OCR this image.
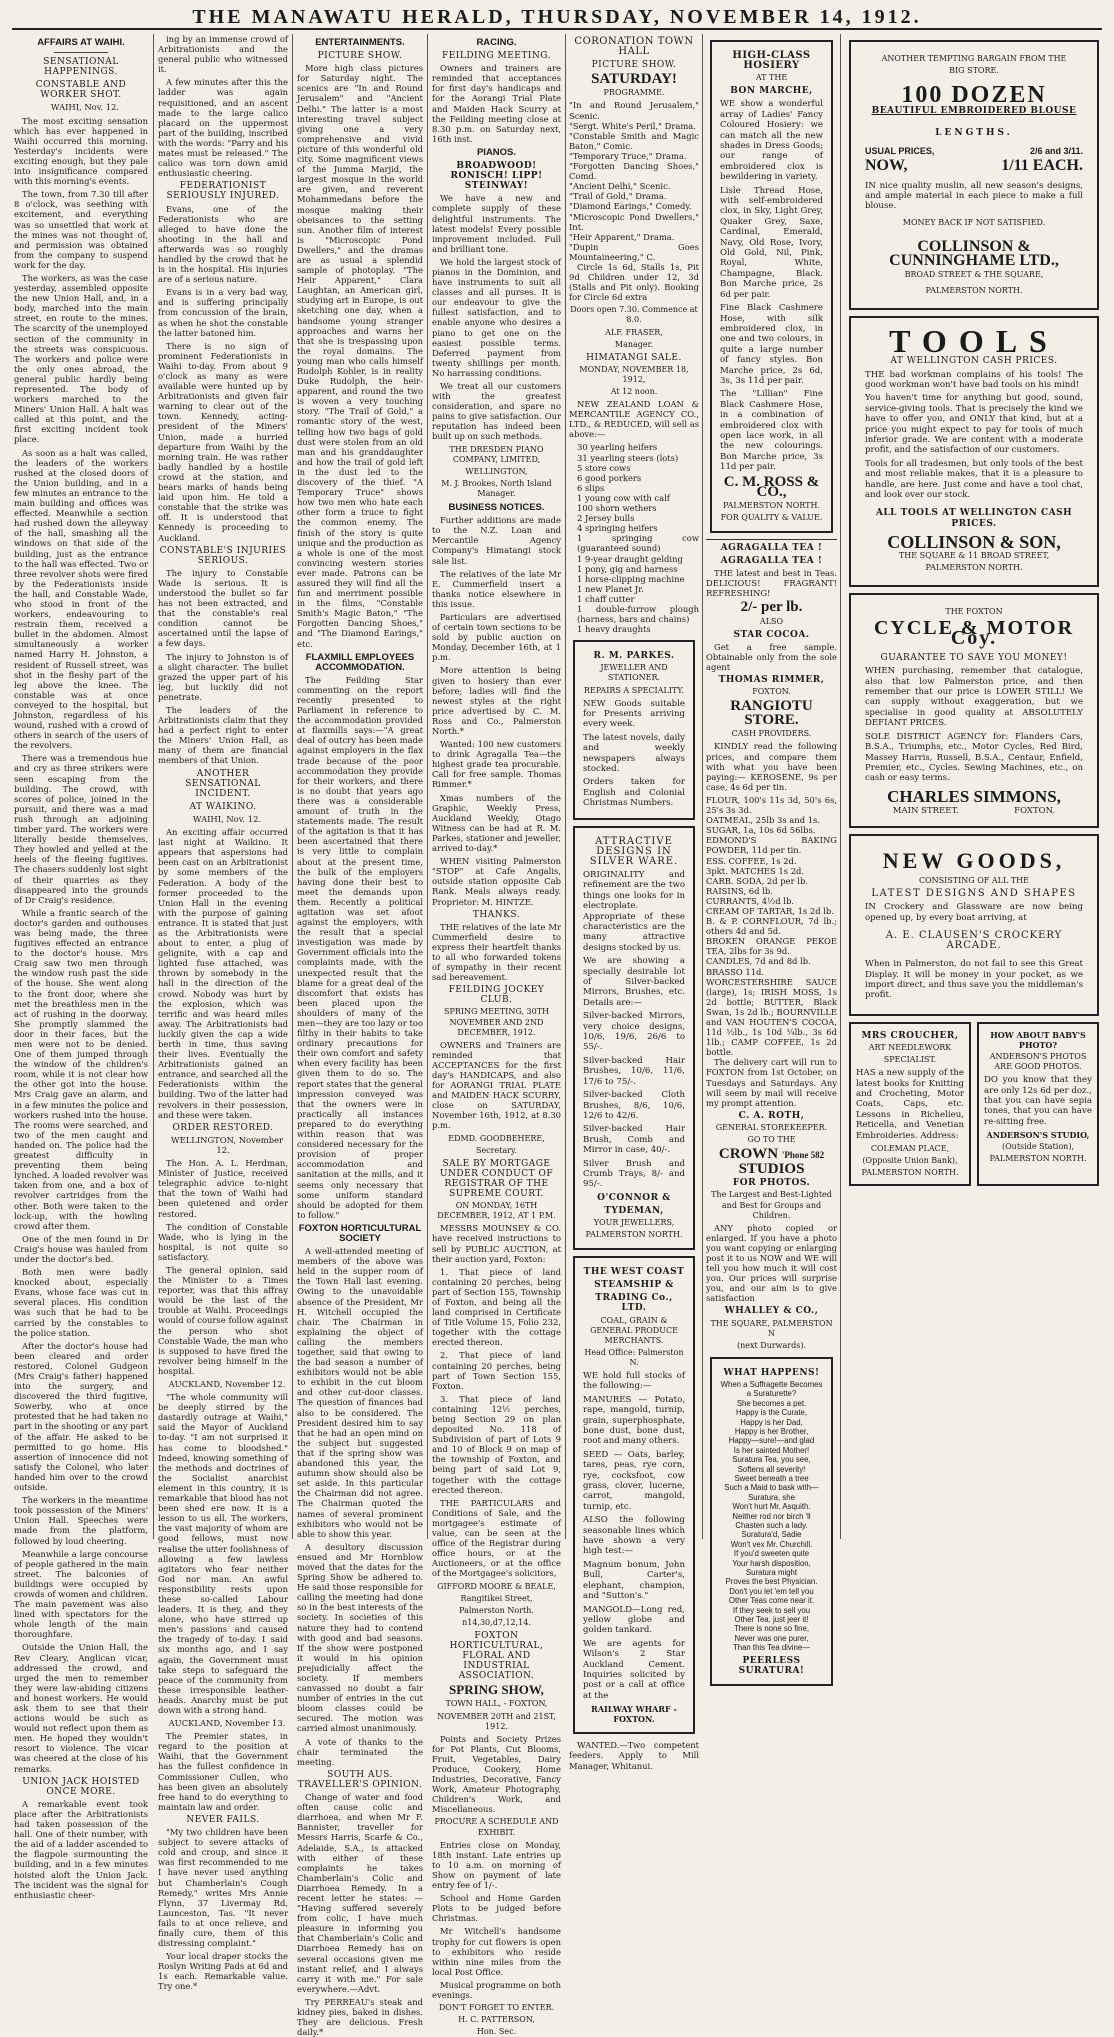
THE MANAWATU HERALD, THURSDAY, NOVEMBER 14, 1912.
AFFAIRS AT WAIHI.
SENSATIONAL HAPPENINGS.
CONSTABLE AND WORKER SHOT.

WAIHI, Nov. 12.

The most exciting sensation which has ever happened in Waihi occurred this morning. Yesterday's incidents were exciting enough, but they pale into insignificance compared with this morning's events.

The town, from 7.30 till after 8 o'clock, was seething with excitement, and everything was so unsettled that work at the mines was not thought of, and permission was obtained from the company to suspend work for the day.

The workers, as was the case yesterday, assembled opposite the new Union Hall, and, in a body, marched into the main street, en route to the mines. The scarcity of the unemployed section of the community in the streets was conspicuous. The workers and police were the only ones abroad, the general public hardly being represented. The body of workers marched to the Miners' Union Hall. A halt was called at this point, and the first exciting incident took place.

As soon as a halt was called, the leaders of the workers rushed at the closed doors of the Union building, and in a few minutes an entrance to the main building and offices was effected. Meanwhile a section had rushed down the alleyway of the hall, smashing all the windows on that side of the building, just as the entrance to the hall was effected. Two or three revolver shots were fired by the Federationists inside the hall, and Constable Wade, who stood in front of the workers, endeavouring to restrain them, received a bullet in the abdomen. Almost simultaneously a worker named Harry H. Johnston, a resident of Russell street, was shot in the fleshy part of the leg above the knee. The constable was at once conveyed to the hospital, but Johnston, regardless of his wound, rushed with a crowd of others in search of the users of the revolvers.

There was a tremendous hue and cry as three strikers were seen escaping from the building. The crowd, with scores of police, joined in the pursuit, and there was a mad rush through an adjoining timber yard. The workers were literally beside themselves. They howled and yelled at the heels of the fleeing fugitives. The chasers suddenly lost sight of their quarries as they disappeared into the grounds of Dr Craig's residence.

While a frantic search of the doctor's garden and outhouses was being made, the three fugitives effected an entrance to the doctor's house. Mrs Craig saw two men through the window rush past the side of the house. She went along to the front door, where she met the breathless men in the act of rushing in the doorway. She promptly slammed the door in their faces, but the men were not to be denied. One of them jumped through the window of the children's room, while it is not clear how the other got into the house. Mrs Craig gave an alarm, and in a few minutes the police and workers rushed into the house. The rooms were searched, and two of the men caught and handed on. The police had the greatest difficulty in preventing them being lynched. A loaded revolver was taken from one, and a box of revolver cartridges from the other. Both were taken to the lock-up, with the howling crowd after them.

One of the men found in Dr Craig's house was hauled from under the doctor's bed.

Both men were badly knocked about, especially Evans, whose face was cut in several places. His condition was such that he had to be carried by the constables to the police station.

After the doctor's house had been cleared and order restored, Colonel Gudgeon (Mrs Craig's father) happened into the surgery, and discovered the third fugitive, Sowerby, who at once protested that he had taken no part in the shooting or any part of the affair. He asked to be permitted to go home. His assertion of innocence did not satisfy the Colonel, who later handed him over to the crowd outside.

The workers in the meantime took possession of the Miners' Union Hall. Speeches were made from the platform, followed by loud cheering.

Meanwhile a large concourse of people gathered in the main street. The balconies of buildings were occupied by crowds of women and children. The main pavement was also lined with spectators for the whole length of the main thoroughfare.

Outside the Union Hall, the Rev Cleary, Anglican vicar, addressed the crowd, and urged the men to remember they were law-abiding citizens and honest workers. He would ask them to see that their actions would be such as would not reflect upon them as men. He hoped they wouldn't resort to violence. The vicar was cheered at the close of his remarks.

UNION JACK HOISTED ONCE MORE.

A remarkable event took place after the Arbitrationists had taken possession of the hall. One of their number, with the aid of a ladder ascended to the flagpole surmounting the building, and in a few minutes hoisted aloft the Union Jack. The incident was the signal for enthusiastic cheer-

ing by an immense crowd of Arbitrationists and the general public who witnessed it.

A few minutes after this the ladder was again requisitioned, and an ascent made to the large calico placard on the uppermost part of the building, inscribed with the words: "Parry and his mates must be released." The calico was torn down amid enthusiastic cheering.

FEDERATIONIST SERIOUSLY INJURED.

Evans, one of the Federationists who are alleged to have done the shooting in the hall and afterwards was so roughly handled by the crowd that he is in the hospital. His injuries are of a serious nature.

Evans is in a very bad way, and is suffering principally from concussion of the brain, as when he shot the constable the latter batoned him.

There is no sign of prominent Federationists in Waihi to-day. From about 9 o'clock as many as were available were hunted up by Arbitrationists and given fair warning to clear out of the town. Kennedy, acting-president of the Miners' Union, made a hurried departure from Waihi by the morning train. He was rather badly handled by a hostile crowd at the station, and bears marks of hands being laid upon him. He told a constable that the strike was off. It is understood that Kennedy is proceeding to Auckland.

CONSTABLE'S INJURIES SERIOUS.

The injury to Constable Wade is serious. It is understood the bullet so far has not been extracted, and that the constable's real condition cannot be ascertained until the lapse of a few days.

The injury to Johnston is of a slight character. The bullet grazed the upper part of his leg, but luckily did not penetrate.

The leaders of the Arbitrationists claim that they had a perfect right to enter the Miners' Union Hall, as many of them are financial members of that Union.

ANOTHER SENSATIONAL INCIDENT.
AT WAIKINO.

WAIHI, Nov. 12.

An exciting affair occurred last night at Waikino. It appears that aspersions had been cast on an Arbitrationist by some members of the Federation. A body of the former proceeded to the Union Hall in the evening with the purpose of gaining entrance. It is stated that just as the Arbitrationists were about to enter, a plug of gelignite, with a cap and lighted fuse attached, was thrown by somebody in the hall in the direction of the crowd. Nobody was hurt by the explosion, which was terrific and was heard miles away. The Arbitrationists had luckily given the cap a wide berth in time, thus saving their lives. Eventually the Arbitrationists gained an entrance, and searched all the Federationists within the building. Two of the latter had revolvers in their possession, and these were taken.

ORDER RESTORED.

WELLINGTON, November 12.

The Hon. A. L. Herdman, Minister of Justice, received telegraphic advice to-night that the town of Waihi had been quietened and order restored.

The condition of Constable Wade, who is lying in the hospital, is not quite so satisfactory.

The general opinion, said the Minister to a Times reporter, was that this affray would be the last of the trouble at Waihi. Proceedings would of course follow against the person who shot Constable Wade, the man who is supposed to have fired the revolver being himself in the hospital.

AUCKLAND, November 12.

"The whole community will be deeply stirred by the dastardly outrage at Waihi," said the Mayor of Auckland to-day. "I am not surprised it has come to bloodshed." Indeed, knowing something of the methods and doctrines of the Socialist anarchist element in this country, it is remarkable that blood has not been shed ere now. It is a lesson to us all. The workers, the vast majority of whom are good fellows, must now realise the utter foolishness of allowing a few lawless agitators who fear neither God nor man. An awful responsibility rests upon these so-called Labour leaders. It is they, and they alone, who have stirred up men's passions and caused the tragedy of to-day. I said six months ago, and I say again, the Government must take steps to safeguard the peace of the community from these irresponsible leather-heads. Anarchy must be put down with a strong hand.

AUCKLAND, November 13.

The Premier states, in regard to the position at Waihi, that the Government has the fullest confidence in Commissioner Cullen, who has been given an absolutely free hand to do everything to maintain law and order.

NEVER FAILS.

"My two children have been subject to severe attacks of cold and croup, and since it was first recommended to me I have never used anything but Chamberlain's Cough Remedy," writes Mrs Annie Flynn, 37 Livermay Rd, Launceston, Tas. "It never fails to at once relieve, and finally cure, them of this distressing complaint."

Your local draper stocks the Roslyn Writing Pads at 6d and 1s each. Remarkable value. Try one.*

ENTERTAINMENTS.
PICTURE SHOW.

More high class pictures for Saturday night. The scenics are "In and Round Jerusalem" and "Ancient Delhi." The latter is a most interesting travel subject giving one a very comprehensive and vivid picture of this wonderful old city. Some magnificent views of the Jumma Marjid, the largest mosque in the world are given, and reverent Mohammedans before the mosque making their obeisances to the setting sun. Another film of interest is "Microscopic Pond Dwellers," and the dramas are as usual a splendid sample of photoplay. "The Heir Apparent," Clara Laughtan, an American girl, studying art in Europe, is out sketching one day, when a handsome young stranger approaches and warns her that she is trespassing upon the royal domains. The young man who calls himself Rudolph Kohler, is in reality Duke Rudolph, the heir-apparent, and round the two is woven a very touching story. "The Trail of Gold," a romantic story of the west, telling how two bags of gold dust were stolen from an old man and his granddaughter and how the trail of gold left in the dust led to the discovery of the thief. "A Temporary Truce" shows how two men who hate each other form a truce to fight the common enemy. The finish of the story is quite unique and the production as a whole is one of the most convincing western stories ever made. Patrons can be assured they will find all the fun and merriment possible in the films, "Constable Smith's Magic Baton," "The Forgotten Dancing Shoes," and "The Diamond Earings," etc.

FLAXMILL EMPLOYEES ACCOMMODATION.

The Feilding Star commenting on the report recently presented to Parliament in reference to the accommodation provided at flaxmills says:—"A great deal of outcry has been made against employers in the flax trade because of the poor accommodation they provide for their workers, and there is no doubt that years ago there was a considerable amount of truth in the statements made. The result of the agitation is that it has been ascertained that there is very little to complain about at the present time, the bulk of the employers having done their best to meet the demands upon them. Recently a political agitation was set afoot against the employers, with the result that a special investigation was made by Government officials into the complaints made, with the unexpected result that the blame for a great deal of the discomfort that exists has been placed upon the shoulders of many of the men—they are too lazy or too filthy in their habits to take ordinary precautions for their own comfort and safety when every facility has been given them to do so. The report states that the general impression conveyed was that the owners were in practically all instances prepared to do everything within reason that was considered necessary for the provision of proper accommodation and sanitation at the mills, and it seems only necessary that some uniform standard should be adopted for them to follow."

FOXTON HORTICULTURAL SOCIETY

A well-attended meeting of members of the above was held in the supper room of the Town Hall last evening. Owing to the unavoidable absence of the President, Mr H. Witchell occupied the chair. The Chairman in explaining the object of calling the members together, said that owing to the bad season a number of exhibitors would not be able to exhibit in the cut bloom and other cut-door classes. The question of finances had also to be considered. The President desired him to say that he had an open mind on the subject but suggested that if the spring show was abandoned this year, the autumn show should also be set aside. In this particular the Chairman did not agree. The Chairman quoted the names of several prominent exhibitors who would not be able to show this year.

A desultory discussion ensued and Mr Hornblow moved that the dates for the Spring Show be adhered to. He said those responsible for calling the meeting had done so in the best interests of the society. In societies of this nature they had to contend with good and bad seasons. If the show were postponed it would in his opinion prejudicially affect the society. If members canvassed no doubt a fair number of entries in the cut bloom classes could be secured. The motion was carried almost unanimously.

A vote of thanks to the chair terminated the meeting.

SOUTH AUS. TRAVELLER'S OPINION.

Change of water and food often cause colic and diarrhoea, and when Mr F. Bannister, traveller for Messrs Harris, Scarfe & Co., Adelaide, S.A., is attacked with either of these complaints he takes Chamberlain's Colic and Diarrhoea Remedy. In a recent letter he states: — "Having suffered severely from colic, I have much pleasure in informing you that Chamberlain's Colic and Diarrhoea Remedy has on several occasions given me instant relief, and I always carry it with me." For sale everywhere.—Advt.

Try PERREAU's steak and kidney pies, baked in dishes. They are delicious. Fresh daily.*

RACING.
FEILDING MEETING.

Owners and trainers are reminded that acceptances for first day's handicaps and for the Aorangi Trial Plate and Maiden Hack Scurry at the Feilding meeting close at 8.30 p.m. on Saturday next, 16th inst.

PIANOS.
BROADWOOD! RONISCH! LIPP! STEINWAY!

We have a new and complete supply of these delightful instruments. The latest models! Every possible improvement included. Full and brilliant tone.

We hold the largest stock of pianos in the Dominion, and have instruments to suit all classes and all purses. It is our endeavour to give the fullest satisfaction, and to enable anyone who desires a piano to get one on the easiest possible terms. Deferred payment from twenty shillings per month. No harrassing conditions.

We treat all our customers with the greatest consideration, and spare no pains to give satisfaction. Our reputation has indeed been built up on such methods.

THE DRESDEN PIANO COMPANY, LIMITED,
WELLINGTON,
M. J. Brookes, North Island Manager.
BUSINESS NOTICES.

Further additions are made to the N.Z. Loan and Mercantile Agency Company's Himatangi stock sale list.

The relatives of the late Mr E. Cummerfield insert a thanks notice elsewhere in this issue.

Particulars are advertised of certain town sections to be sold by public auction on Monday, December 16th, at 1 p.m.

More attention is being given to hosiery than ever before; ladies will find the newest styles at the right price advertised by C. M. Ross and Co., Palmerston North.*

Wanted: 100 new customers to drink Agragalla Tea—the highest grade tea procurable. Call for free sample. Thomas Rimmer.*

Xmas numbers of the Graphic, Weekly Press, Auckland Weekly, Otago Witness can be had at R. M. Parkes, stationer and jeweller, arrived to-day.*

WHEN visiting Palmerston "STOP" at Cafe Angalis, outside station opposite Cab Rank. Meals always ready. Proprietor: M. HINTZE.

THANKS.

THE relatives of the late Mr Cummerfield desire to express their heartfelt thanks to all who forwarded tokens of sympathy in their recent sad bereavement.

FEILDING JOCKEY CLUB.
SPRING MEETING, 30TH NOVEMBER AND 2ND DECEMBER, 1912.

OWNERS and Trainers are reminded that ACCEPTANCES for the first day's HANDICAPS, and also for AORANGI TRIAL PLATE and MAIDEN HACK SCURRY, close on SATURDAY, November 16th, 1912, at 8.30 p.m.

EDMD. GOODBEHERE,
Secretary.
SALE BY MORTGAGE UNDER CONDUCT OF REGISTRAR OF THE SUPREME COURT.
ON MONDAY, 16TH DECEMBER, 1912, AT 1 P.M.

MESSRS MOUNSEY & CO. have received instructions to sell by PUBLIC AUCTION, at their auction yard, Foxton:

1. That piece of land containing 20 perches, being part of Section 155, Township of Foxton, and being all the land comprised in Certificate of Title Volume 15, Folio 232, together with the cottage erected thereon.

2. That piece of land containing 20 perches, being part of Town Section 155, Foxton.

3. That piece of land containing 12½ perches, being Section 29 on plan deposited No. 118 of Subdivision of part of Lots 9 and 10 of Block 9 on map of the township of Foxton, and being part of said Lot 9, together with the cottage erected thereon.

THE PARTICULARS and Conditions of Sale, and the mortgagee's estimate of value, can be seen at the office of the Registrar during office hours, or at the Auctioneers, or at the office of the Mortgagee's solicitors,

GIFFORD MOORE & BEALE,
Rangitikei Street,
Palmerston North.
n14,30,d7,12,14.
FOXTON HORTICULTURAL, FLORAL AND INDUSTRIAL ASSOCIATION.
SPRING SHOW,
TOWN HALL, - FOXTON,
NOVEMBER 20TH and 21ST, 1912.

Points and Society Prizes for Pot Plants, Cut Blooms, Fruit, Vegetables, Dairy Produce, Cookery, Home Industries, Decorative, Fancy Work, Amateur Photography, Children's Work, and Miscellaneous.

PROCURE A SCHEDULE AND EXHIBIT.

Entries close on Monday, 18th instant. Late entries up to 10 a.m. on morning of Show on payment of late entry fee of 1/-.

School and Home Garden Plots to be judged before Christmas.

Mr Witchell's handsome trophy for cut flowers is open to exhibitors who reside within nine miles from the local Post Office.

Musical programme on both evenings.

DON'T FORGET TO ENTER.
H. C. PATTERSON,
Hon. Sec.
CORONATION TOWN HALL
PICTURE SHOW.
SATURDAY!
PROGRAMME.
"In and Round Jerusalem," Scenic.
"Sergt. White's Peril," Drama.
"Constable Smith and Magic Baton," Comic.
"Temporary Truce," Drama.
"Forgotten Dancing Shoes," Comd.
"Ancient Delhi," Scenic.
"Trail of Gold," Drama.
"Diamond Earings," Comedy.
"Microscopic Pond Dwellers," Int.
"Heir Apparent," Drama.
"Dupin Goes Mountaineering," C.

Circle 1s 6d, Stalls 1s, Pit 9d Children under 12, 3d (Stalls and Pit only). Booking for Circle 6d extra

Doors open 7.30. Commence at 8.0.
ALF. FRASER,
Manager.
HIMATANGI SALE.
MONDAY, NOVEMBER 18, 1912,
At 12 noon.

NEW ZEALAND LOAN & MERCANTILE AGENCY CO., LTD., & REDUCED, will sell as above:—

30 yearling heifers
31 yearling steers (lots)
5 store cows
6 good porkers
6 slips
1 young cow with calf
100 shorn wethers
2 Jersey bulls
4 springing heifers
1 springing cow (guaranteed sound)
1 9-year draught gelding
1 pony, gig and harness
1 horse-clipping machine
1 new Planet Jr.
1 chaff cutter
1 double-furrow plough (harness, bars and chains)
1 heavy draughts
R. M. PARKES.
JEWELLER AND STATIONER.
REPAIRS A SPECIALITY.
NEW Goods suitable for Presents arriving every week.
The latest novels, daily and weekly newspapers always stocked.
Orders taken for English and Colonial Christmas Numbers.
ATTRACTIVE DESIGNS IN SILVER WARE.
ORIGINALITY and refinement are the two things one looks for in electroplate. Appropriate of these characteristics are the many attractive designs stocked by us.
We are showing a specially desirable lot of Silver-backed Mirrors, Brushes, etc. Details are:—
Silver-backed Mirrors, very choice designs, 10/6, 19/6, 26/6 to 55/-.
Silver-backed Hair Brushes, 10/6, 11/6, 17/6 to 75/-.
Silver-backed Cloth Brushes, 8/6, 10/6, 12/6 to 42/6.
Silver-backed Hair Brush, Comb and Mirror in case, 40/-.
Silver Brush and Crumb Trays, 8/- and 95/-.
O'CONNOR &
TYDEMAN,
YOUR JEWELLERS,
PALMERSTON NORTH.
THE WEST COAST
STEAMSHIP &
TRADING Co., LTD.
COAL, GRAIN & GENERAL PRODUCE MERCHANTS.
Head Office: Palmerston N.
WE hold full stocks of the following:—
MANURES — Potato, rape, mangold, turnip, grain, superphosphate, bone dust, bone dust, root and many others.
SEED — Oats, barley, tares, peas, rye corn, rye, cocksfoot, cow grass, clover, lucerne, carrot, mangold, turnip, etc.
ALSO the following seasonable lines which have shown a very high test:—
Magnum bonum, John Bull, Carter's, elephant, champion, and "Sutton's."
MANGOLD—Long red, yellow globe and golden tankard.
We are agents for Wilson's 2 Star Auckland Cement. Inquiries solicited by post or a call at office at the
RAILWAY WHARF - FOXTON.

WANTED.—Two competent feeders. Apply to Mill Manager, Whitanui.

HIGH-CLASS HOSIERY
AT THE
BON MARCHE,
WE show a wonderful array of Ladies' Fancy Coloured Hosiery: we can match all the new shades in Dress Goods; our range of embroidered clox is bewildering in variety.
Lisle Thread Hose, with self-embroidered clox, in Sky, Light Grey, Quaker Grey, Saxe, Cardinal, Emerald, Navy, Old Rose, Ivory, Old Gold, Nil, Pink, Royal, White, Champagne, Black. Bon Marche price, 2s 6d per pair.
Fine Black Cashmere Hose, with silk embroidered clox, in one and two colours, in quite a large number of fancy styles. Bon Marche price, 2s 6d, 3s, 3s 11d per pair.
The "Lillian" Fine Black Cashmere Hose, in a combination of embroidered clox with open lace work, in all the new colourings. Bon Marche price, 3s 11d per pair.
C. M. ROSS & CO.,
PALMERSTON NORTH.
FOR QUALITY & VALUE.
AGRAGALLA TEA !
AGRAGALLA TEA !

THE latest and best in Teas. DELICIOUS! FRAGRANT! REFRESHING!

2/- per lb.
ALSO
STAR COCOA.

Get a free sample. Obtainable only from the sole agent

THOMAS RIMMER,
FOXTON.
RANGIOTU
STORE.
CASH PROVIDERS.

KINDLY read the following prices, and compare them with what you have been paying:— KEROSENE, 9s per case, 4s 6d per tin.

FLOUR, 100's 11s 3d, 50's 6s, 25's 3s 3d.
OATMEAL, 25lb 3s and 1s.
SUGAR, 1a, 10s 6d 56lbs.
EDMOND'S BAKING POWDER, 11d per tin.
ESS. COFFEE, 1s 2d.
3pkt. MATCHES 1s 2d.
CARB. SODA, 2d per lb.
RAISINS, 6d lb.
CURRANTS, 4½d lb.
CREAM OF TARTAR, 1s 2d lb.
B. & P. CORNFLOUR, 7d lb.; others 4d and 5d.
BROKEN ORANGE PEKOE TEA, 2lbs for 3s 9d.
CANDLES, 7d and 8d lb.
BRASSO 11d.
WORCESTERSHIRE SAUCE (large), 1s; IRISH MOSS, 1s 2d bottle; BUTTER, Black Swan, 1s 2d lb.; BOURNVILLE and VAN HOUTEN'S COCOA, 11d ½lb., 1s 10d ¼lb., 3s 6d 1lb.; CAMP COFFEE, 1s 2d bottle.

The delivery cart will run to FOXTON from 1st October, on Tuesdays and Saturdays. Any will seem by mail will receive my prompt attention.

C. A. ROTH,
GENERAL STOREKEEPER.
GO TO THE
CROWN 'Phone 582
STUDIOS
FOR PHOTOS.
The Largest and Best-Lighted and Best for Groups and Children.

ANY photo copied or enlarged. If you have a photo you want copying or enlarging post it to us NOW and WE will tell you how much it will cost you. Our prices will surprise you, and our aim is to give satisfaction

WHALLEY & CO.,
THE SQUARE, PALMERSTON N
(next Durwards).
WHAT HAPPENS!
When a Suffragette Becomes a Suraturette?
She becomes a pet.
Happy is the Curate,
Happy is her Dad,
Happy is her Brother,
Happy—sure!—and glad
Is her sainted Mother!
Suratura Tea, you see,
Softens all severity!
Sweet beneath a tree
Such a Maid to bask with—
Suratura, she
Won't hurt Mr. Asquith.
Neither rod nor birch 'll
Chasten such a lady.
Suratura'd, Sadie
Won't vex Mr. Churchill.
If you'd sweeten quite
Your harsh disposition,
Suratura might
Proves the best Physician.
Don't you let 'em tell you
Other Teas come near it.
If they seek to sell you
Other Tea, just jeer it!
There is none so fine,
Never was one purer,
Than this Tea divine—
PEERLESS SURATURA!
ANOTHER TEMPTING BARGAIN FROM THE
BIG STORE.
100 DOZEN
BEAUTIFUL EMBROIDERED BLOUSE
LENGTHS.
USUAL PRICES,	2/6 and 3/11.
NOW,	1/11 EACH.
IN nice quality muslin, all new season's designs, and ample material in each piece to make a full blouse.
MONEY BACK IF NOT SATISFIED.
COLLINSON &
CUNNINGHAME LTD.,
BROAD STREET & THE SQUARE,
PALMERSTON NORTH.
TOOLS
AT WELLINGTON CASH PRICES.
THE bad workman complains of his tools! The good workman won't have bad tools on his mind!
You haven't time for anything but good, sound, service-giving tools. That is precisely the kind we have to offer you, and ONLY that kind, but at a price you might expect to pay for tools of much inferior grade. We are content with a moderate profit, and the satisfaction of our customers.
Tools for all tradesmen, but only tools of the best and most reliable makes, that it is a pleasure to handle, are here. Just come and have a tool chat, and look over our stock.
ALL TOOLS AT WELLINGTON CASH PRICES.
COLLINSON & SON,
THE SQUARE & 11 BROAD STREET,
PALMERSTON NORTH.
THE FOXTON
CYCLE & MOTOR Coy.
GUARANTEE TO SAVE YOU MONEY!
WHEN purchasing, remember that catalogue, also that low Palmerston price, and then remember that our price is LOWER STILL! We can supply without exaggeration, but we specialise in good quality at ABSOLUTELY DEFIANT PRICES.
SOLE DISTRICT AGENCY for: Flanders Cars, B.S.A., Triumphs, etc., Motor Cycles, Red Bird, Massey Harris, Russell, B.S.A., Centaur, Enfield, Premier, etc., Cycles. Sewing Machines, etc., on cash or easy terms.
CHARLES SIMMONS,
MAIN STREET.	FOXTON.
NEW GOODS,
CONSISTING OF ALL THE
LATEST DESIGNS AND SHAPES
IN Crockery and Glassware are now being opened up, by every boat arriving, at
A. E. CLAUSEN'S CROCKERY ARCADE.
When in Palmerston, do not fail to see this Great Display. It will be money in your pocket, as we import direct, and thus save you the middleman's profit.
MRS CROUCHER,
ART NEEDLEWORK
SPECIALIST.
HAS a new supply of the latest books for Knitting and Crocheting, Motor Coats, Caps, etc. Lessons in Richelieu, Reticella, and Venetian Embroideries. Address:
COLEMAN PLACE,
(Opposite Union Bank),
PALMERSTON NORTH.
HOW ABOUT BABY'S PHOTO?
ANDERSON'S PHOTOS ARE GOOD PHOTOS.
DO you know that they are only 12s 6d per doz., that you can have sepia tones, that you can have re-sitting free.
ANDERSON'S STUDIO,
(Outside Station),
PALMERSTON NORTH.
